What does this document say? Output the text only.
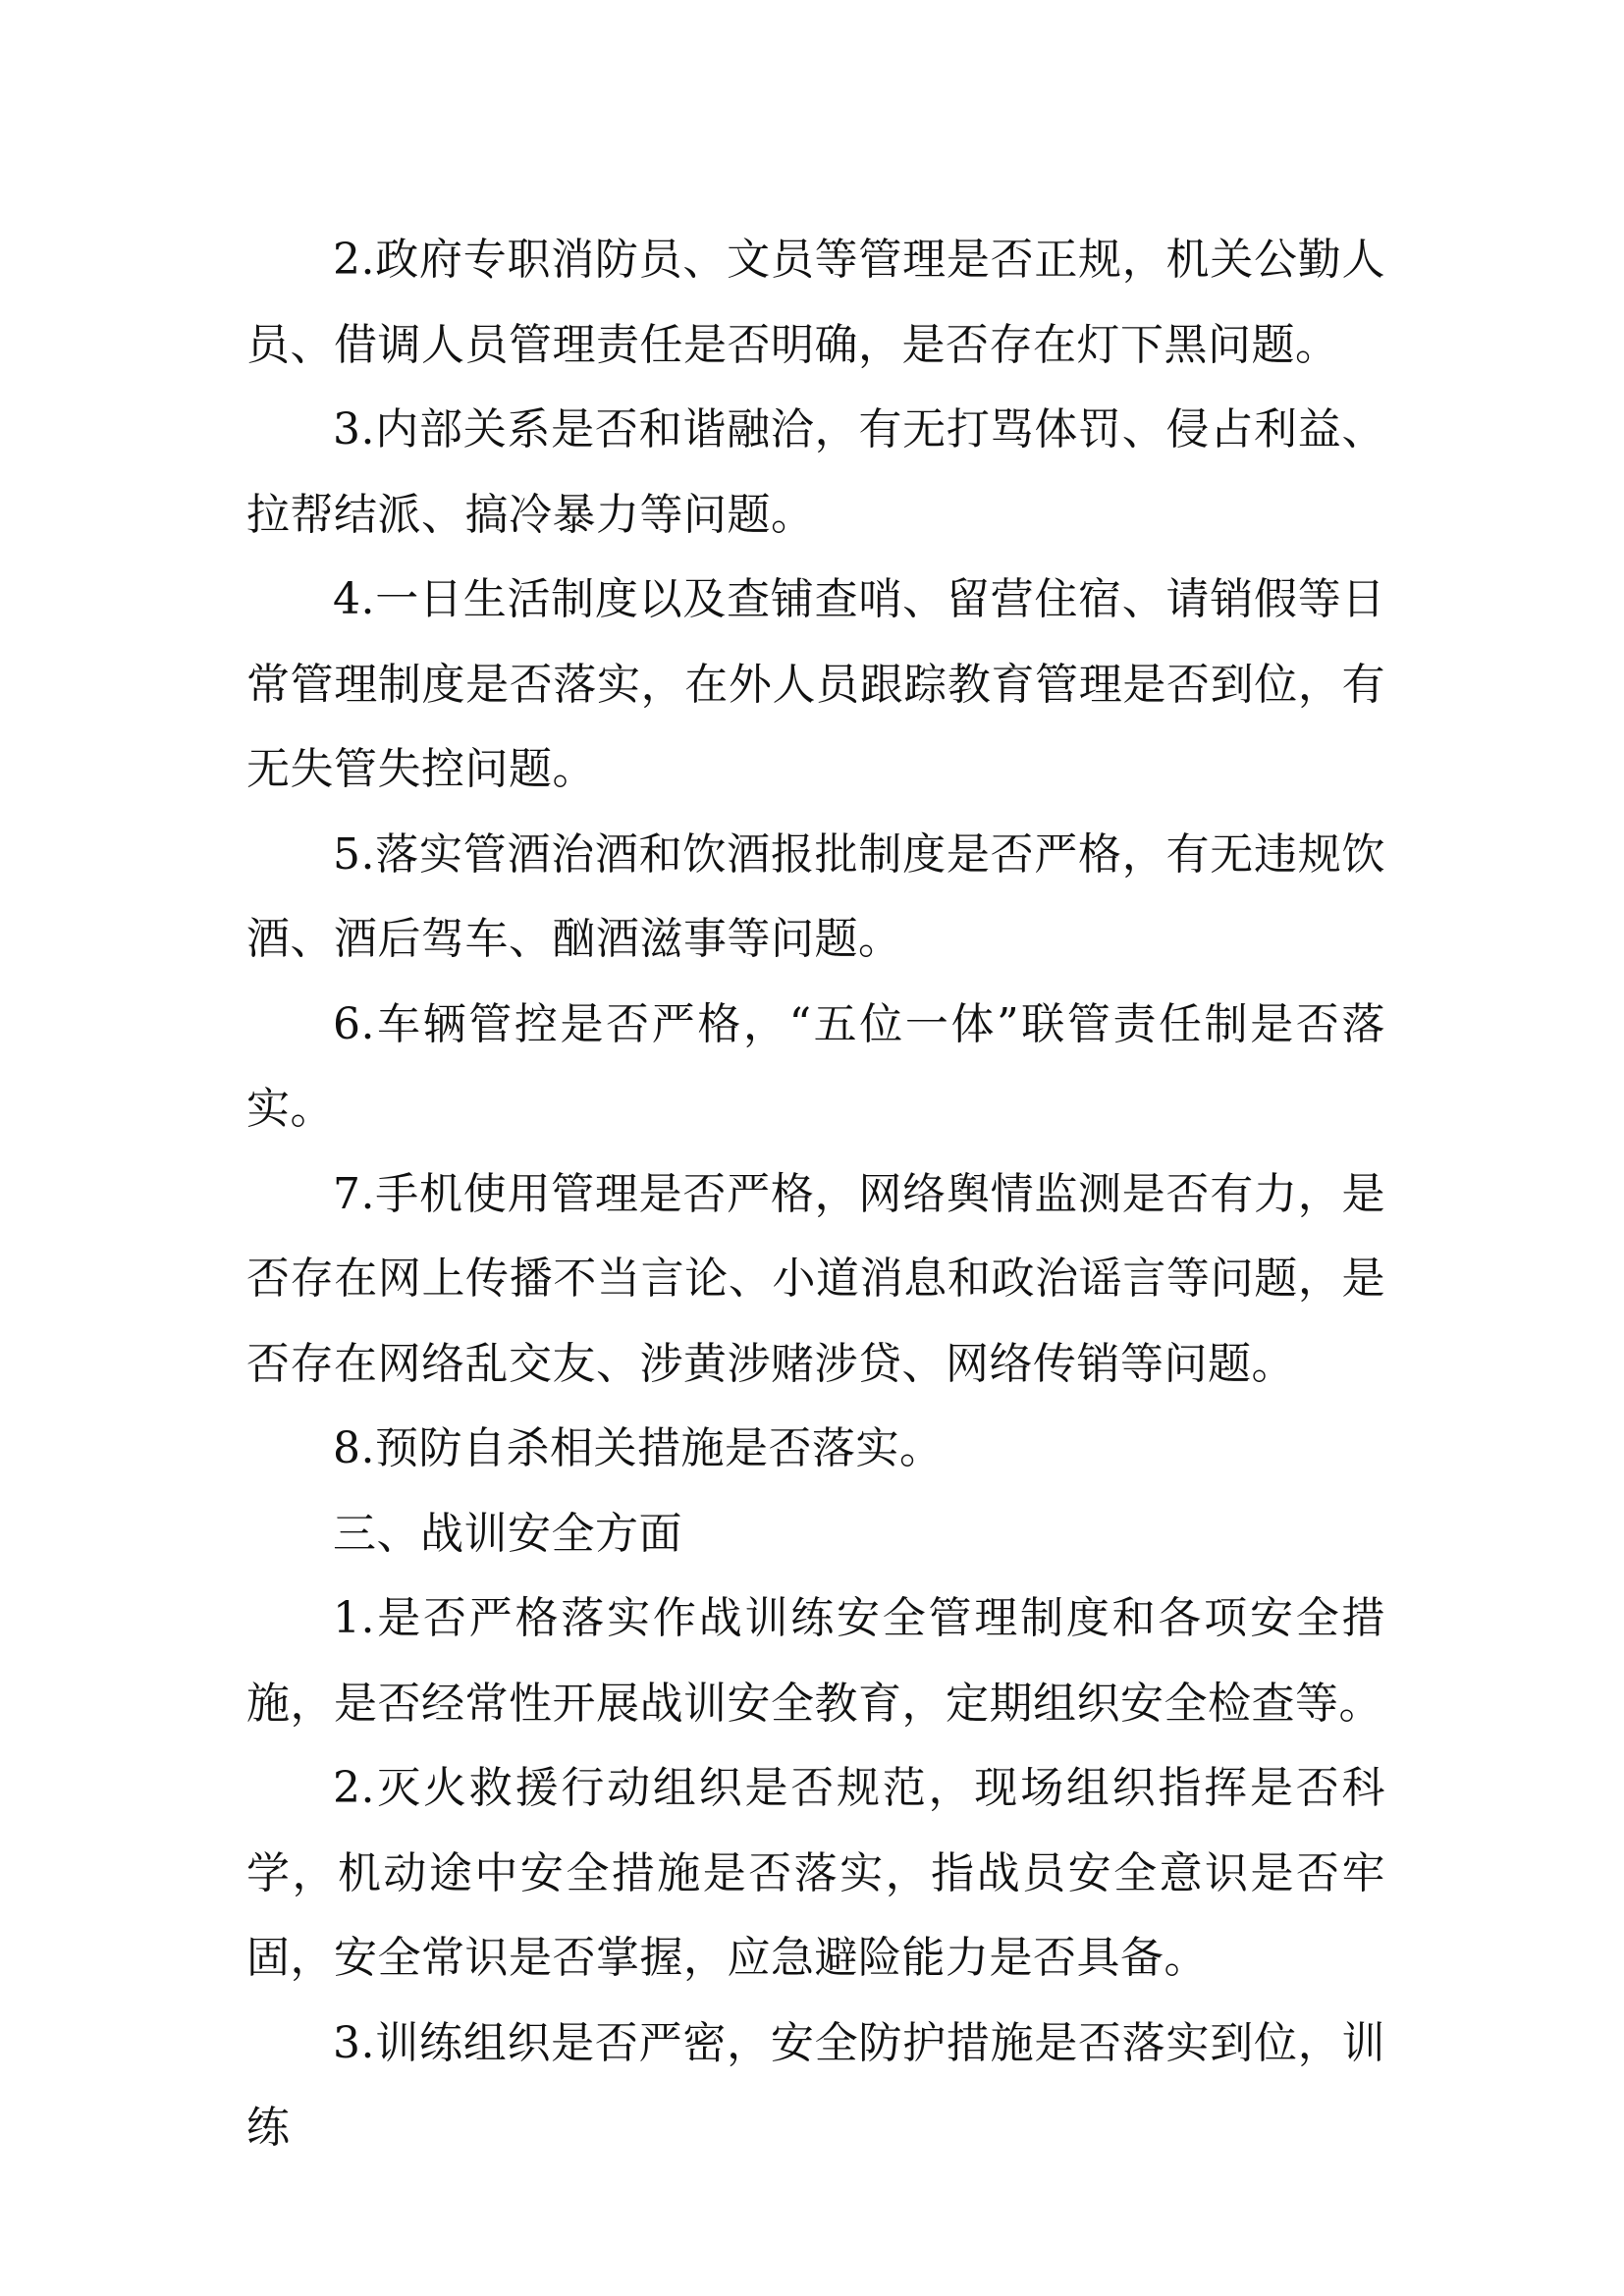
2.政府专职消防员、文员等管理是否正规，机关公勤人员、借调人员管理责任是否明确，是否存在灯下黑问题。

3.内部关系是否和谐融洽，有无打骂体罚、侵占利益、拉帮结派、搞冷暴力等问题。

4.一日生活制度以及查铺查哨、留营住宿、请销假等日常管理制度是否落实，在外人员跟踪教育管理是否到位，有无失管失控问题。

5.落实管酒治酒和饮酒报批制度是否严格，有无违规饮酒、酒后驾车、酗酒滋事等问题。

6.车辆管控是否严格，“五位一体”联管责任制是否落实。

7.手机使用管理是否严格，网络舆情监测是否有力，是否存在网上传播不当言论、小道消息和政治谣言等问题，是否存在网络乱交友、涉黄涉赌涉贷、网络传销等问题。

8.预防自杀相关措施是否落实。

三、战训安全方面

1.是否严格落实作战训练安全管理制度和各项安全措施，是否经常性开展战训安全教育，定期组织安全检查等。

2.灭火救援行动组织是否规范，现场组织指挥是否科学，机动途中安全措施是否落实，指战员安全意识是否牢固，安全常识是否掌握，应急避险能力是否具备。

3.训练组织是否严密，安全防护措施是否落实到位，训练
